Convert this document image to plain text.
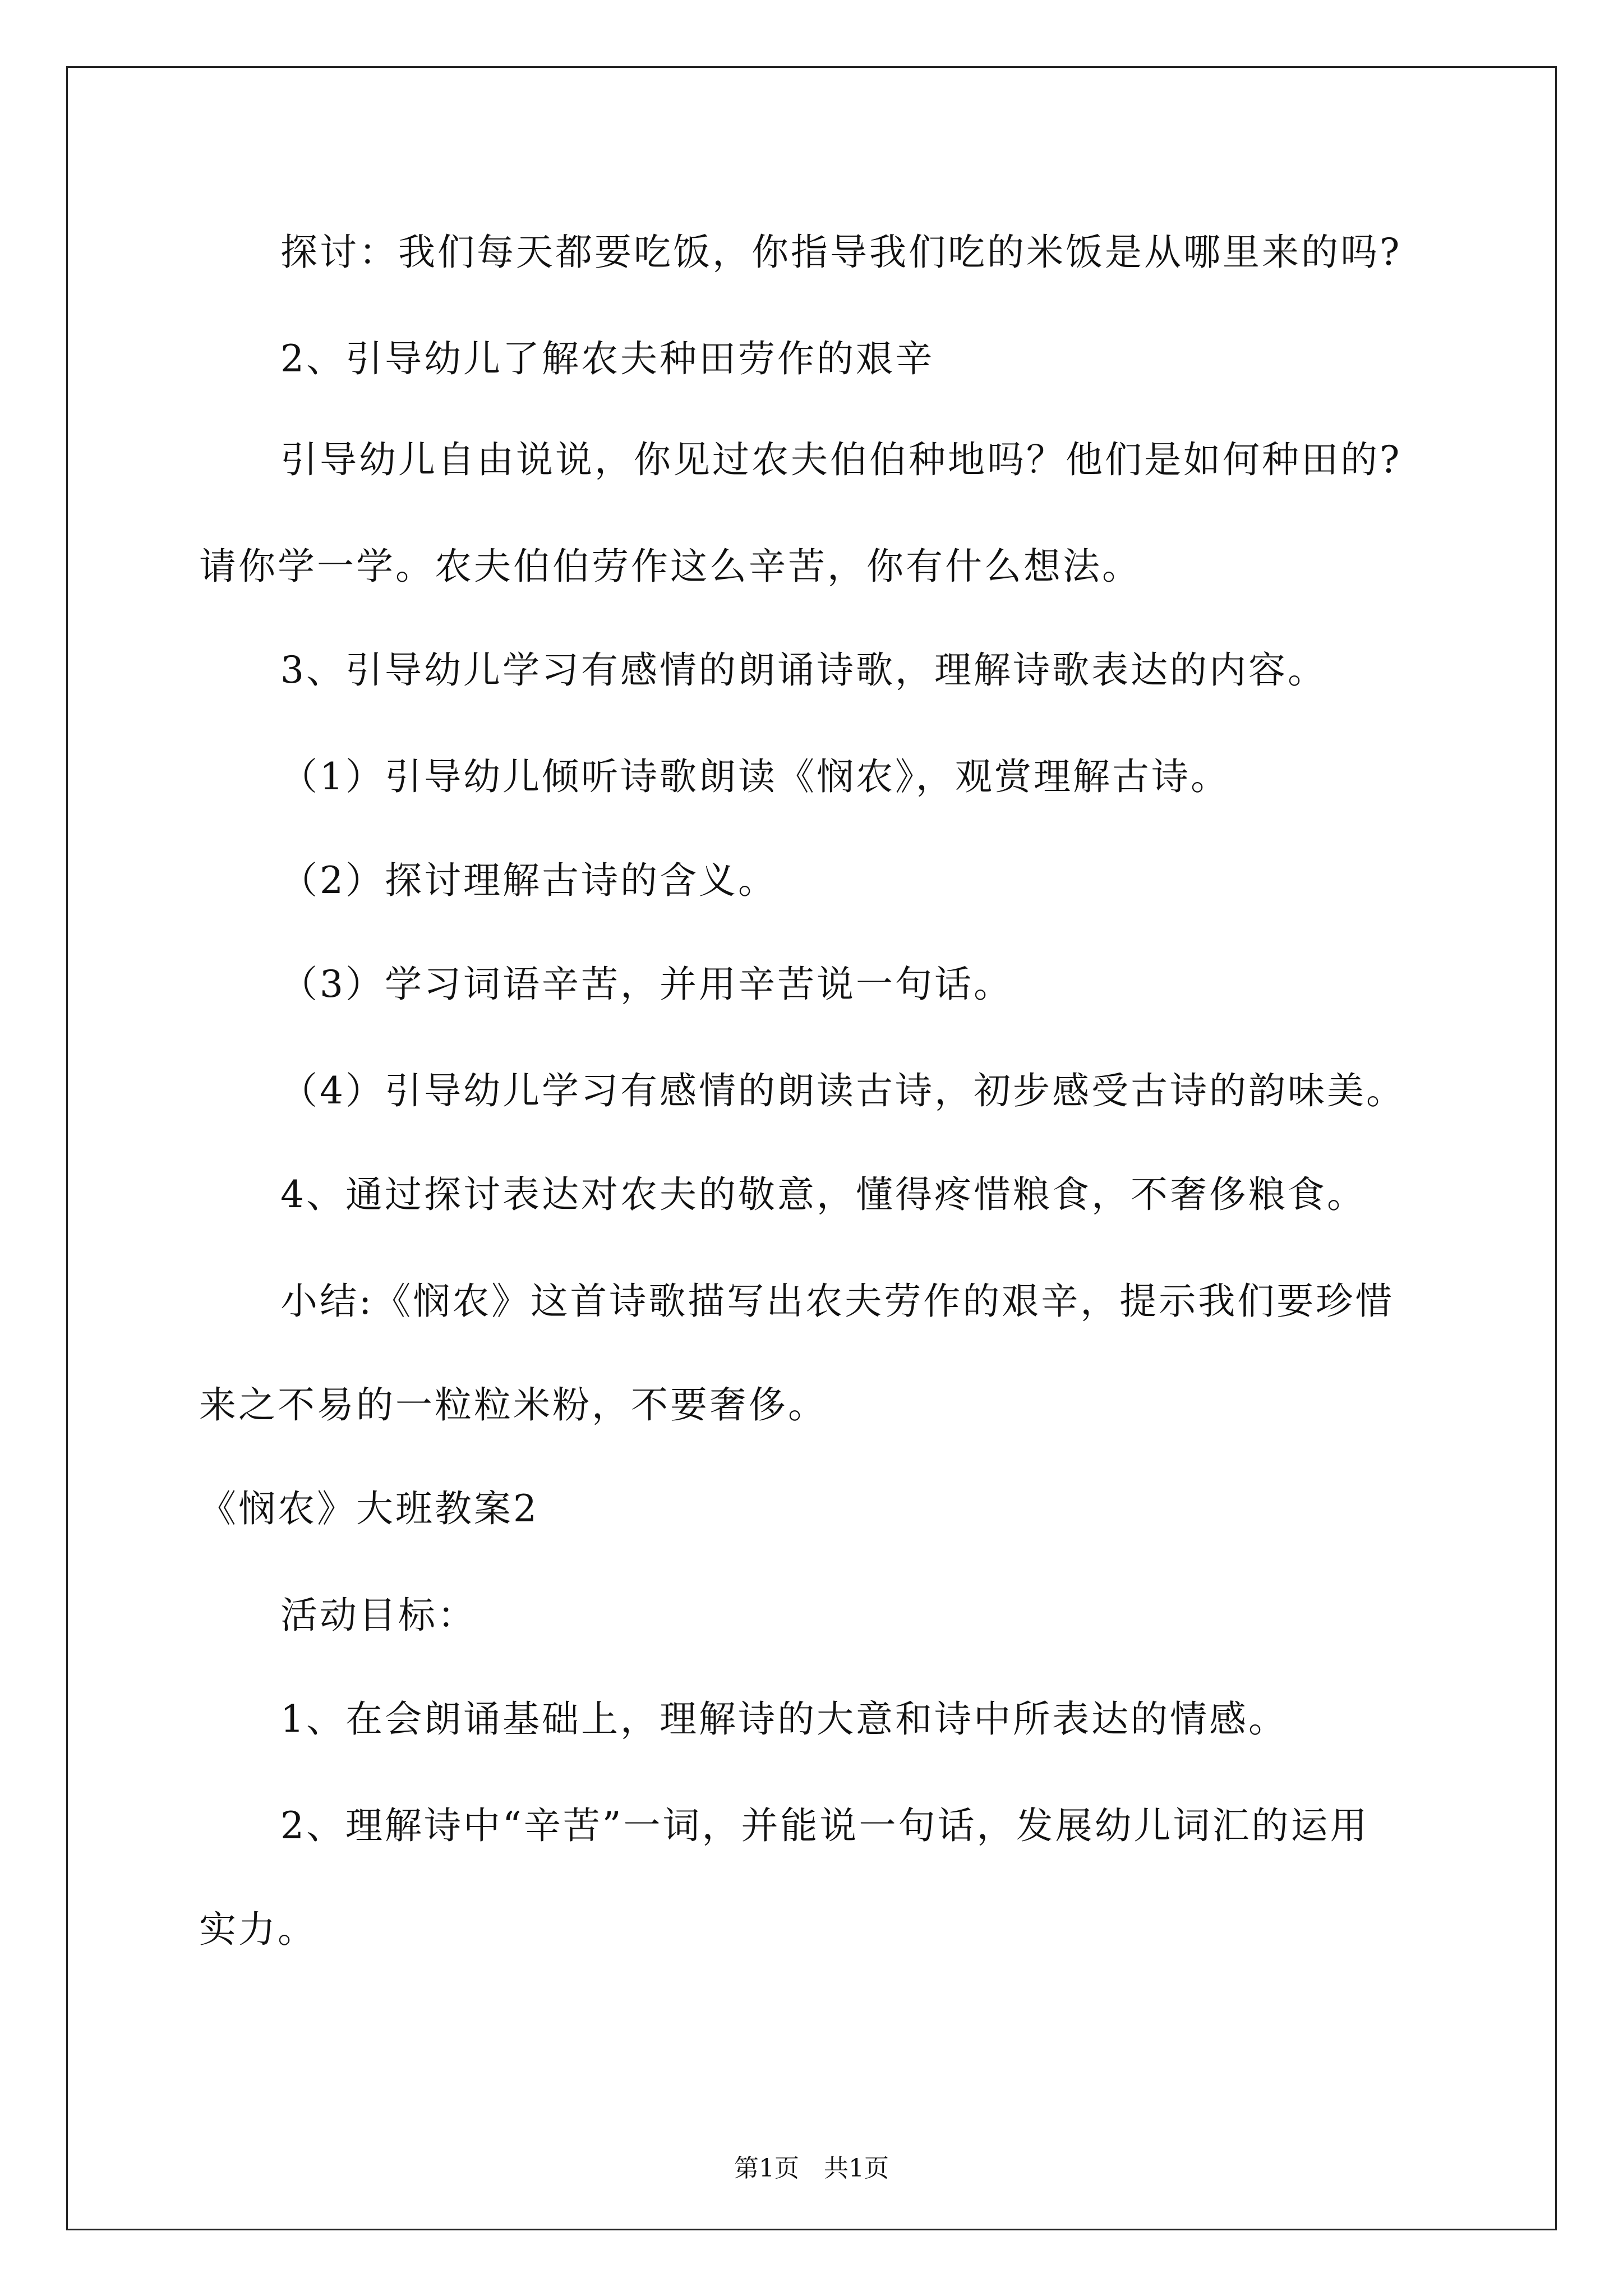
探讨：我们每天都要吃饭，你指导我们吃的米饭是从哪里来的吗?
2、引导幼儿了解农夫种田劳作的艰辛
引导幼儿自由说说，你见过农夫伯伯种地吗？他们是如何种田的?
请你学一学。农夫伯伯劳作这么辛苦，你有什么想法。
3、引导幼儿学习有感情的朗诵诗歌，理解诗歌表达的内容。
（1）引导幼儿倾听诗歌朗读《悯农》，观赏理解古诗。
（2）探讨理解古诗的含义。
（3）学习词语辛苦，并用辛苦说一句话。
（4）引导幼儿学习有感情的朗读古诗，初步感受古诗的韵味美。
4、通过探讨表达对农夫的敬意，懂得疼惜粮食，不奢侈粮食。
小结:《悯农》这首诗歌描写出农夫劳作的艰辛，提示我们要珍惜
来之不易的一粒粒米粉，不要奢侈。
《悯农》大班教案2
活动目标：
1、在会朗诵基础上，理解诗的大意和诗中所表达的情感。
2、理解诗中“辛苦”一词，并能说一句话，发展幼儿词汇的运用
实力。
第1页　共1页
